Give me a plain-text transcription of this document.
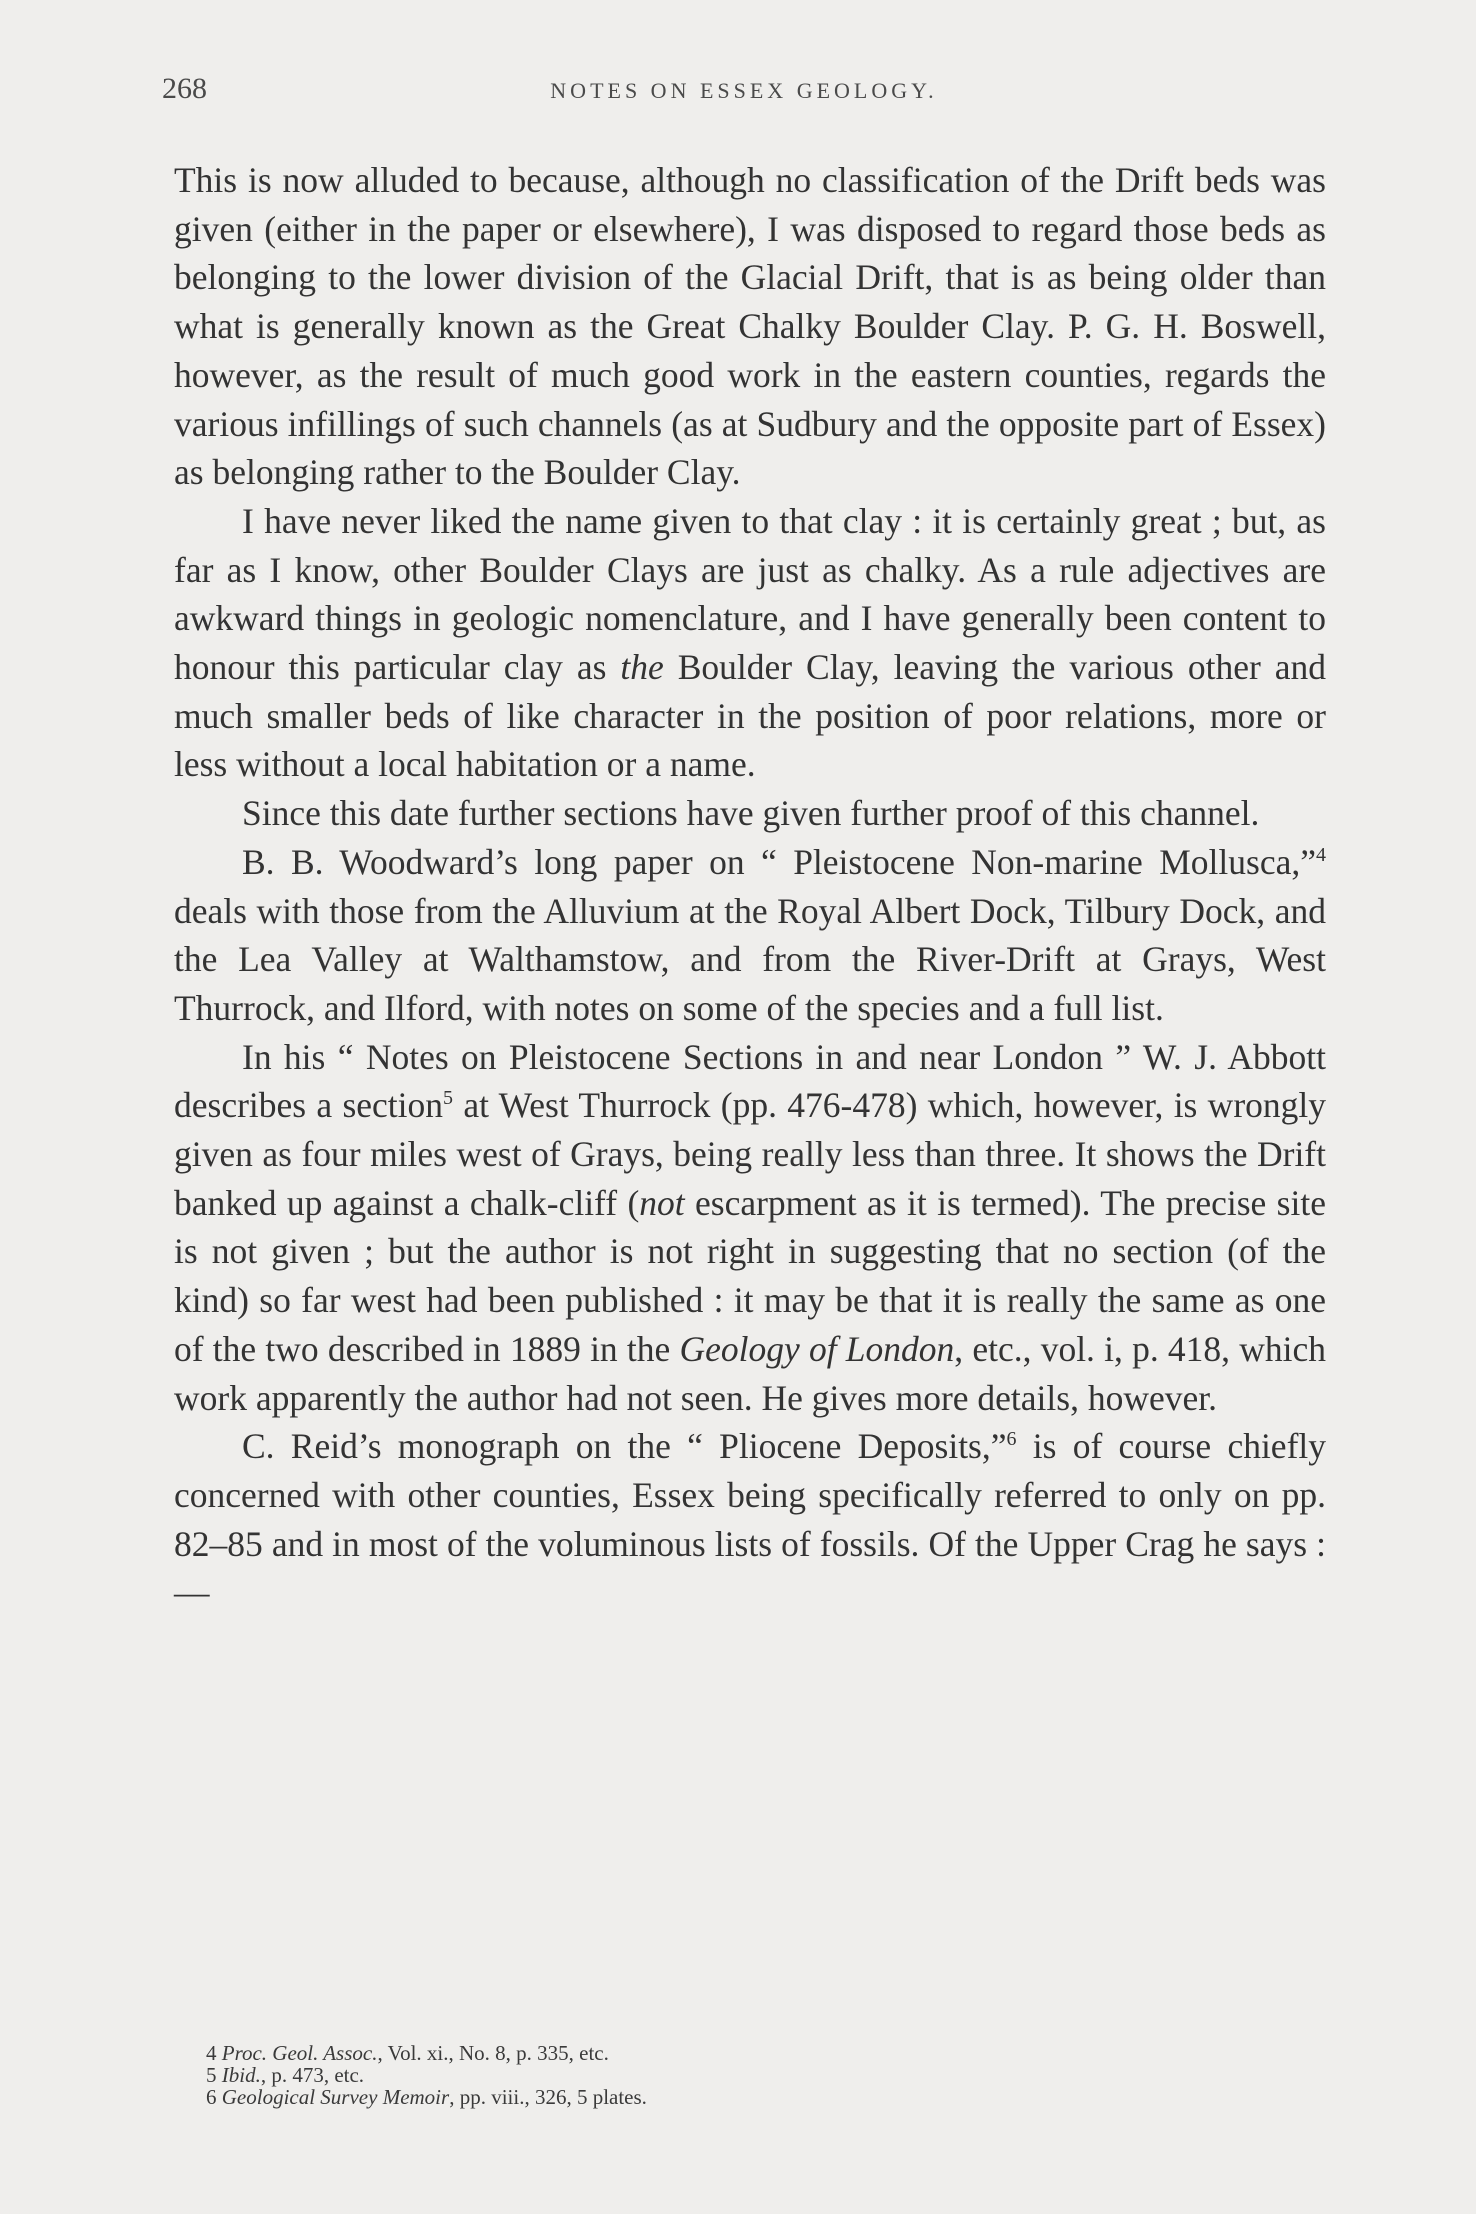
268	NOTES ON ESSEX GEOLOGY.

This is now alluded to because, although no classification of the Drift beds was given (either in the paper or elsewhere), I was disposed to regard those beds as belonging to the lower division of the Glacial Drift, that is as being older than what is generally known as the Great Chalky Boulder Clay. P. G. H. Boswell, however, as the result of much good work in the eastern counties, regards the various infillings of such channels (as at Sudbury and the opposite part of Essex) as belonging rather to the Boulder Clay.

I have never liked the name given to that clay : it is certainly great ; but, as far as I know, other Boulder Clays are just as chalky. As a rule adjectives are awkward things in geologic nomenclature, and I have generally been content to honour this particular clay as the Boulder Clay, leaving the various other and much smaller beds of like character in the position of poor relations, more or less without a local habitation or a name.

Since this date further sections have given further proof of this channel.

B. B. Woodward’s long paper on “ Pleistocene Non-marine Mollusca,”$^4$ deals with those from the Alluvium at the Royal Albert Dock, Tilbury Dock, and the Lea Valley at Walthamstow, and from the River-Drift at Grays, West Thurrock, and Ilford, with notes on some of the species and a full list.

In his “ Notes on Pleistocene Sections in and near London ” W. J. Abbott describes a section$^5$ at West Thurrock (pp. 476-478) which, however, is wrongly given as four miles west of Grays, being really less than three. It shows the Drift banked up against a chalk-cliff (not escarpment as it is termed). The precise site is not given ; but the author is not right in suggesting that no section (of the kind) so far west had been published : it may be that it is really the same as one of the two described in 1889 in the Geology of London, etc., vol. i, p. 418, which work apparently the author had not seen. He gives more details, however.

C. Reid’s monograph on the “ Pliocene Deposits,”$^6$ is of course chiefly concerned with other counties, Essex being specifically referred to only on pp. 82–85 and in most of the voluminous lists of fossils. Of the Upper Crag he says :—

4 Proc. Geol. Assoc., Vol. xi., No. 8, p. 335, etc.

5 Ibid., p. 473, etc.

6 Geological Survey Memoir, pp. viii., 326, 5 plates.
